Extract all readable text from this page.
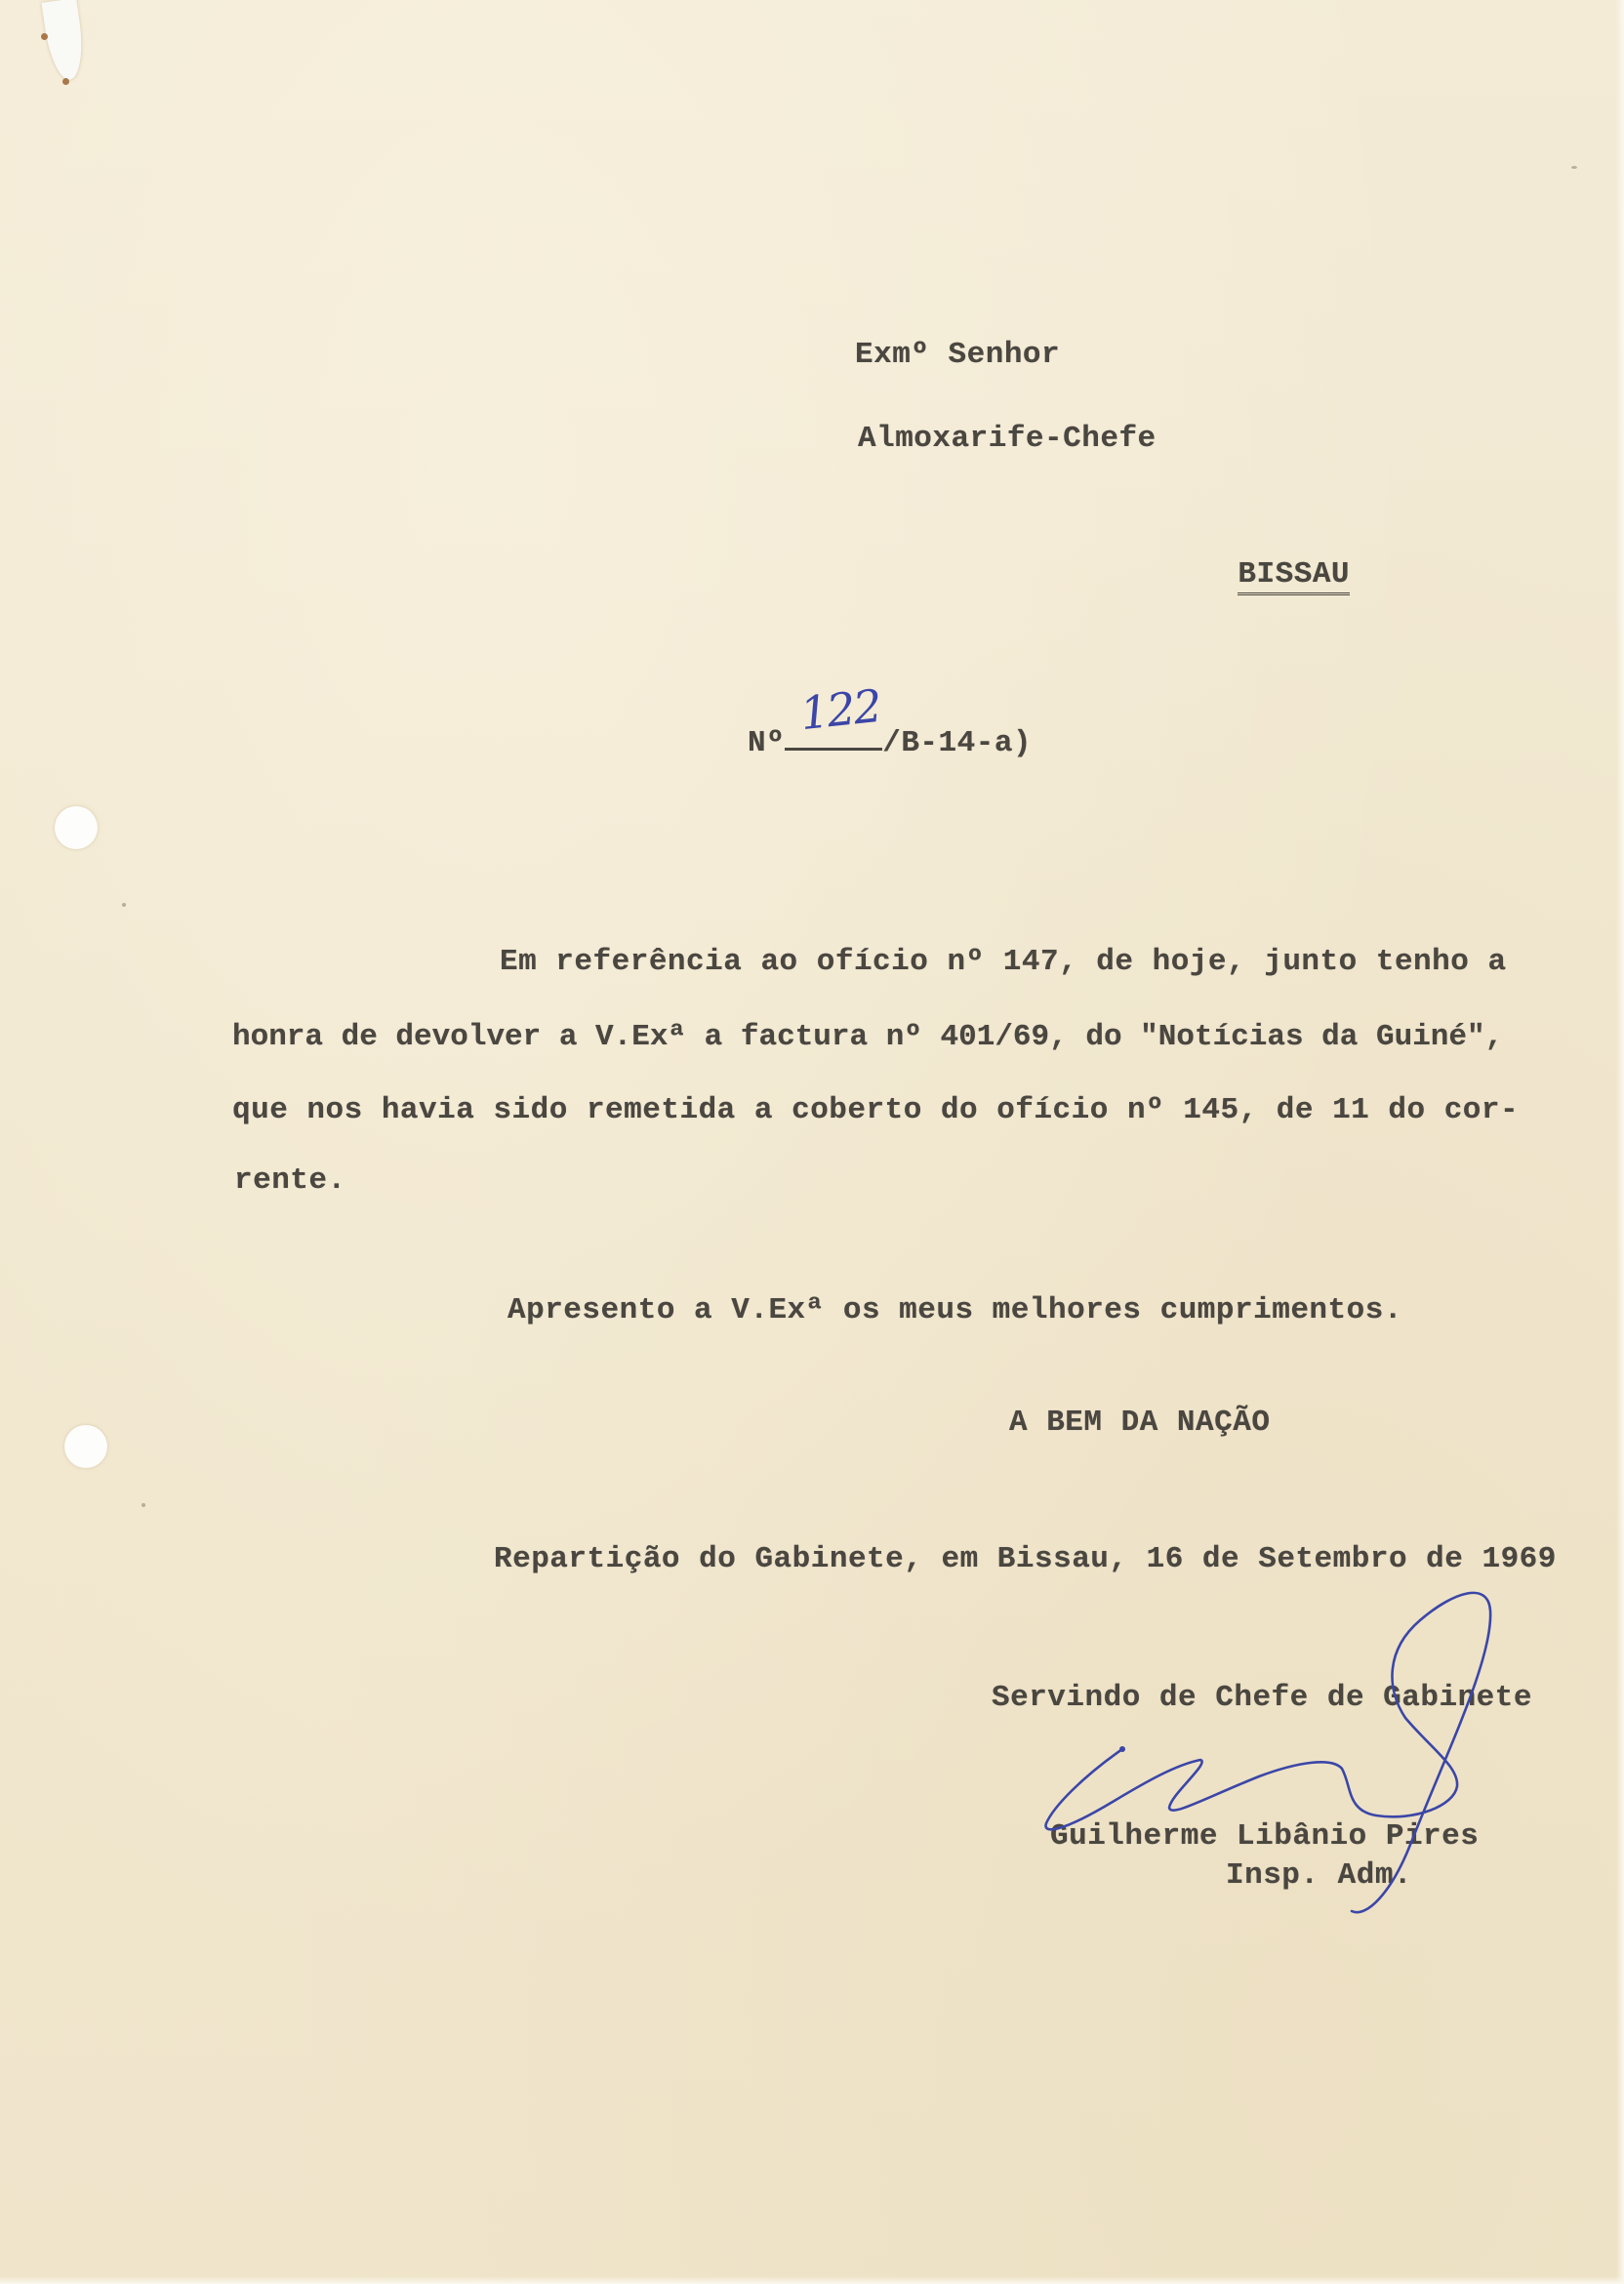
Exmº Senhor
Almoxarife-Chefe

BISSAU

Nº	/B-14-a)
122
Em referência ao ofício nº 147, de hoje, junto tenho a
honra de devolver a V.Exª a factura nº 401/69, do "Notícias da Guiné",
que nos havia sido remetida a coberto do ofício nº 145, de 11 do cor-
rente.
Apresento a V.Exª os meus melhores cumprimentos.
A BEM DA NAÇÃO
Repartição do Gabinete, em Bissau, 16 de Setembro de 1969
Servindo de Chefe de Gabinete
Guilherme Libânio Pires
Insp. Adm.
